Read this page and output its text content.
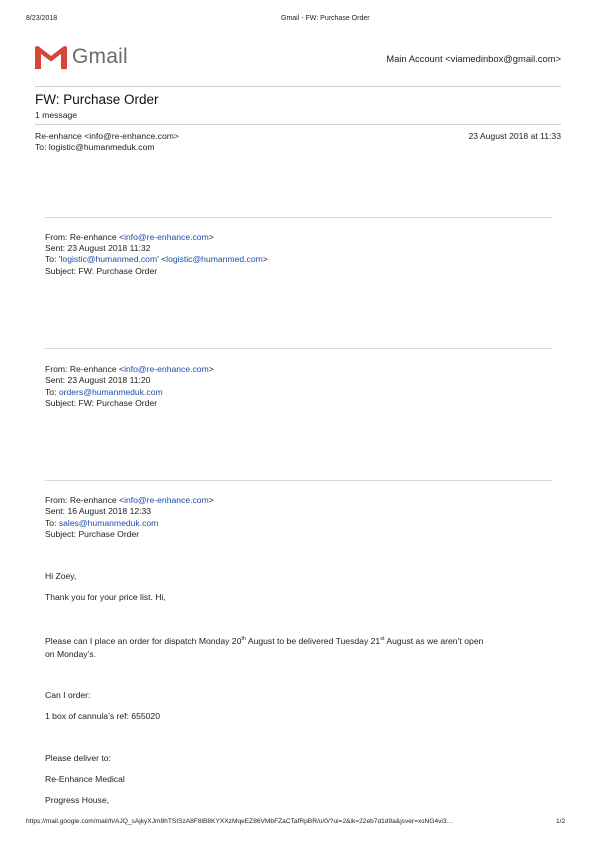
8/23/2018	Gmail - FW: Purchase Order
Gmail	Main Account <viamedinbox@gmail.com>
FW: Purchase Order
1 message
Re-enhance <info@re-enhance.com>	23 August 2018 at 11:33
To: logistic@humanmeduk.com
From: Re-enhance <info@re-enhance.com>
Sent: 23 August 2018 11:32
To: 'logistic@humanmed.com' <logistic@humanmed.com>
Subject: FW: Purchase Order
From: Re-enhance <info@re-enhance.com>
Sent: 23 August 2018 11:20
To: orders@humanmeduk.com
Subject: FW: Purchase Order
From: Re-enhance <info@re-enhance.com>
Sent: 16 August 2018 12:33
To: sales@humanmeduk.com
Subject: Purchase Order
Hi Zoey,
Thank you for your price list. Hi,
Please can I place an order for dispatch Monday 20th August to be delivered Tuesday 21st August as we aren’t open
on Monday’s.
Can I order:
1 box of cannula’s ref: 655020
Please deliver to:
Re-Enhance Medical
Progress House,
https://mail.google.com/mail/h/AJQ_sAjkyXJm8hTSISzA8F8lB8KYXXzMqeEZ86VMbFZaCTafRpBR/u/0/?ui=2&ik=22eb7d1d9a&jsver=xsNG4vi3…	1/2
